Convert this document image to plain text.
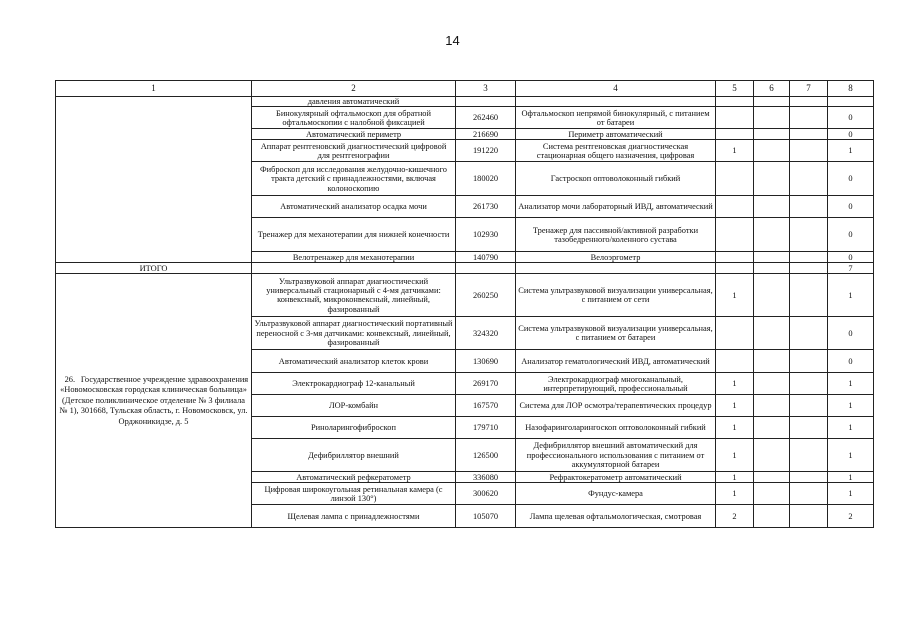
14
1	2	3	4	5	6	7	8
	давления автоматический						
	Бинокулярный офтальмоскоп для обратной офтальмоскопии с налобной фиксацией	262460	Офтальмоскоп непрямой бинокулярный, с питанием от батареи				0
	Автоматический периметр	216690	Периметр автоматический				0
	Аппарат рентгеновский диагностический цифровой для рентгенографии	191220	Система рентгеновская диагностическая стационарная общего назначения, цифровая	1			1
	Фиброскоп для исследования желудочно-кишечного тракта детский с принадлежностями, включая колоноскопию	180020	Гастроскоп оптоволоконный гибкий				0
	Автоматический анализатор осадка мочи	261730	Анализатор мочи лабораторный ИВД, автоматический				0
	Тренажер для механотерапии для нижней конечности	102930	Тренажер для пассивной/активной разработки тазобедренного/коленного сустава				0
	Велотренажер для механотерапии	140790	Велоэргометр				0
ИТОГО							7
26. Государственное учреждение здравоохранения «Новомосковская городская клиническая больница» (Детское поликлиническое отделение № 3 филиала № 1), 301668, Тульская область, г. Новомосковск, ул. Орджоникидзе, д. 5	Ультразвуковой аппарат диагностический универсальный стационарный с 4-мя датчиками: конвексный, микроконвексный, линейный, фазированный	260250	Система ультразвуковой визуализации универсальная, с питанием от сети	1			1
	Ультразвуковой аппарат диагностический портативный переносной с 3-мя датчиками: конвексный, линейный, фазированный	324320	Система ультразвуковой визуализации универсальная, с питанием от батареи				0
	Автоматический анализатор клеток крови	130690	Анализатор гематологический ИВД, автоматический				0
	Электрокардиограф 12-канальный	269170	Электрокардиограф многоканальный, интерпретирующий, профессиональный	1			1
	ЛОР-комбайн	167570	Система для ЛОР осмотра/терапевтических процедур	1			1
	Риноларингофиброскоп	179710	Назофаринголарингоскоп оптоволоконный гибкий	1			1
	Дефибриллятор внешний	126500	Дефибриллятор внешний автоматический для профессионального использования с питанием от аккумуляторной батареи	1			1
	Автоматический рефкератометр	336080	Рефрактокератометр автоматический	1			1
	Цифровая широкоугольная ретинальная камера (с линзой 130°)	300620	Фундус-камера	1			1
	Щелевая лампа с принадлежностями	105070	Лампа щелевая офтальмологическая, смотровая	2			2
